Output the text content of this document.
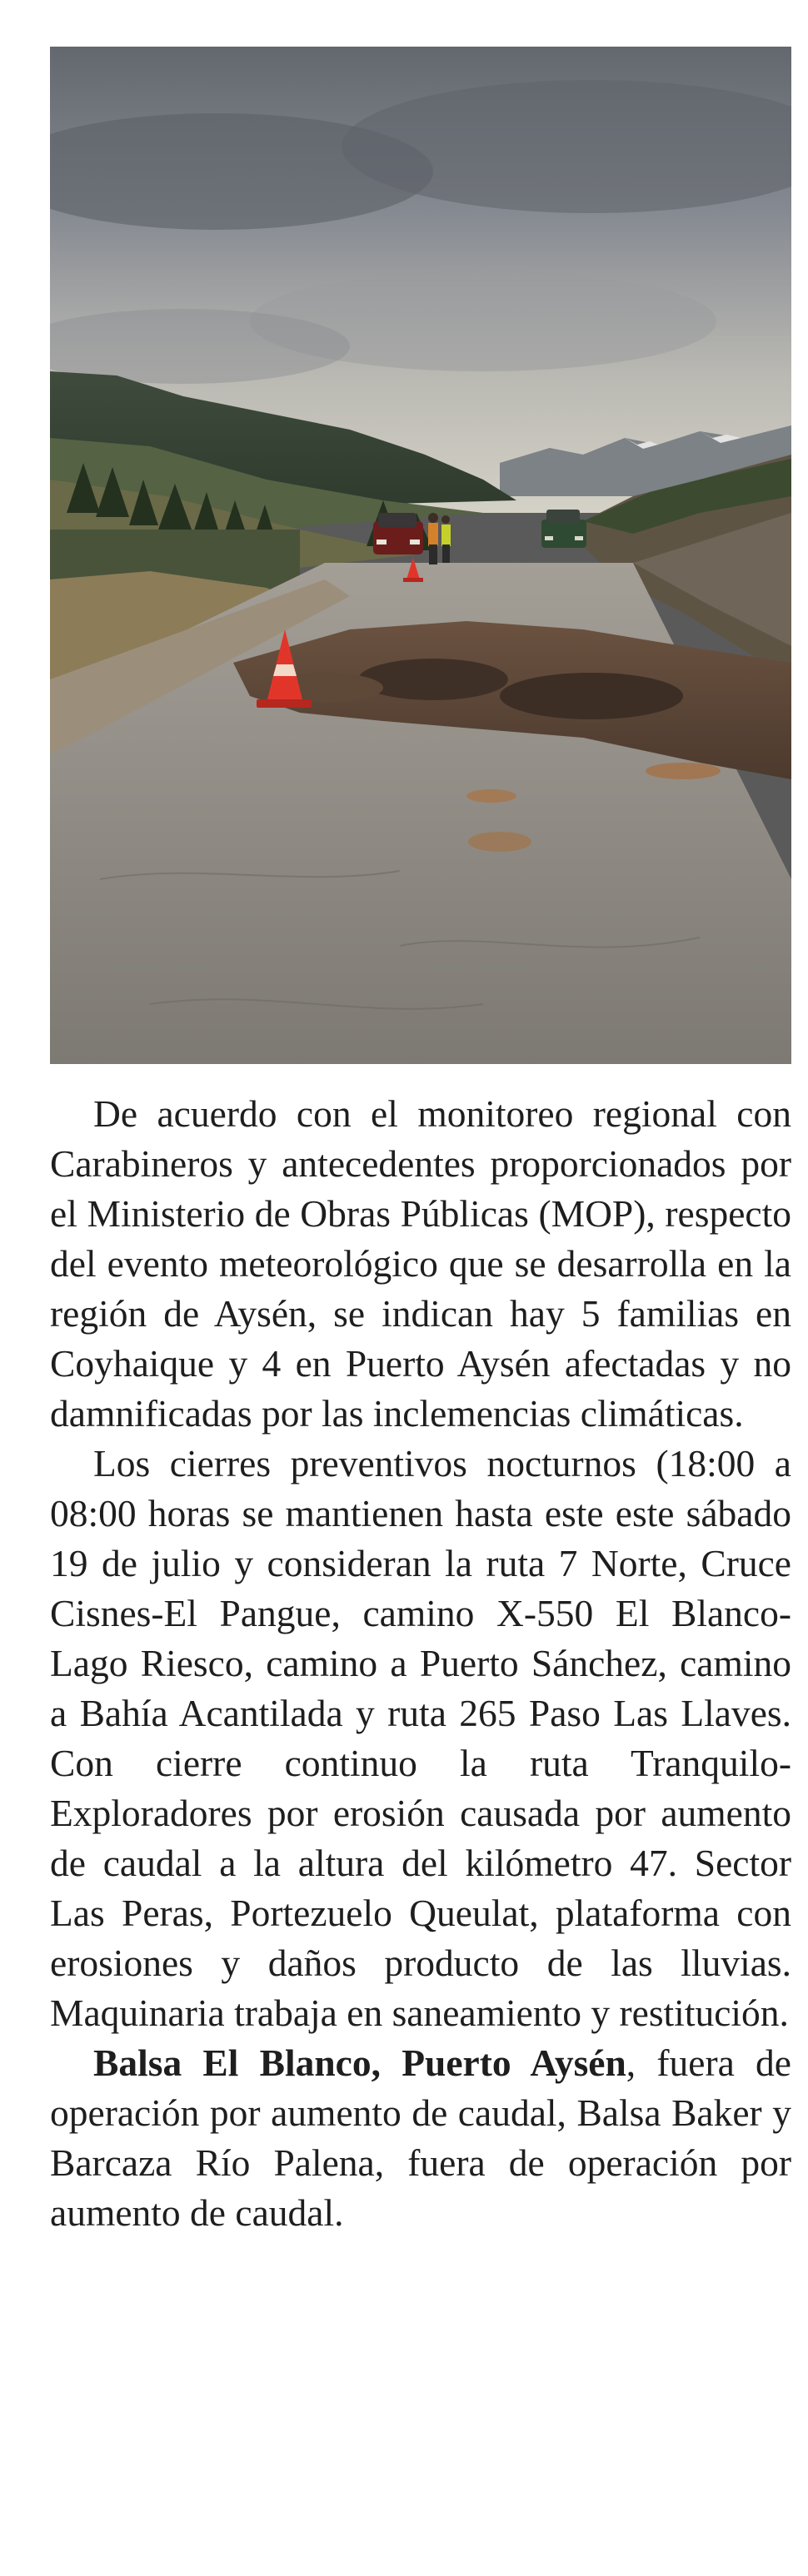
De acuerdo con el monitoreo regional con Carabineros y antecedentes proporcionados por el Ministerio de Obras Públicas (MOP), respecto del evento meteorológico que se desarrolla en la región de Aysén, se indican hay 5 familias en Coyhaique y 4 en Puerto Aysén afectadas y no damnificadas por las inclemencias climáticas.

Los cierres preventivos nocturnos (18:00 a 08:00 horas se mantienen hasta este este sábado 19 de julio y consideran la ruta 7 Norte, Cruce Cisnes-El Pangue, camino X-550 El Blanco-Lago Riesco, camino a Puerto Sánchez, camino a Bahía Acantilada y ruta 265 Paso Las Llaves. Con cierre continuo la ruta Tranquilo-Exploradores por erosión causada por aumento de caudal a la altura del kilómetro 47. Sector Las Peras, Portezuelo Queulat, plataforma con erosiones y daños producto de las lluvias. Maquinaria trabaja en saneamiento y restitución.

Balsa El Blanco, Puerto Aysén, fuera de operación por aumento de caudal, Balsa Baker y Barcaza Río Palena, fuera de operación por aumento de caudal.
